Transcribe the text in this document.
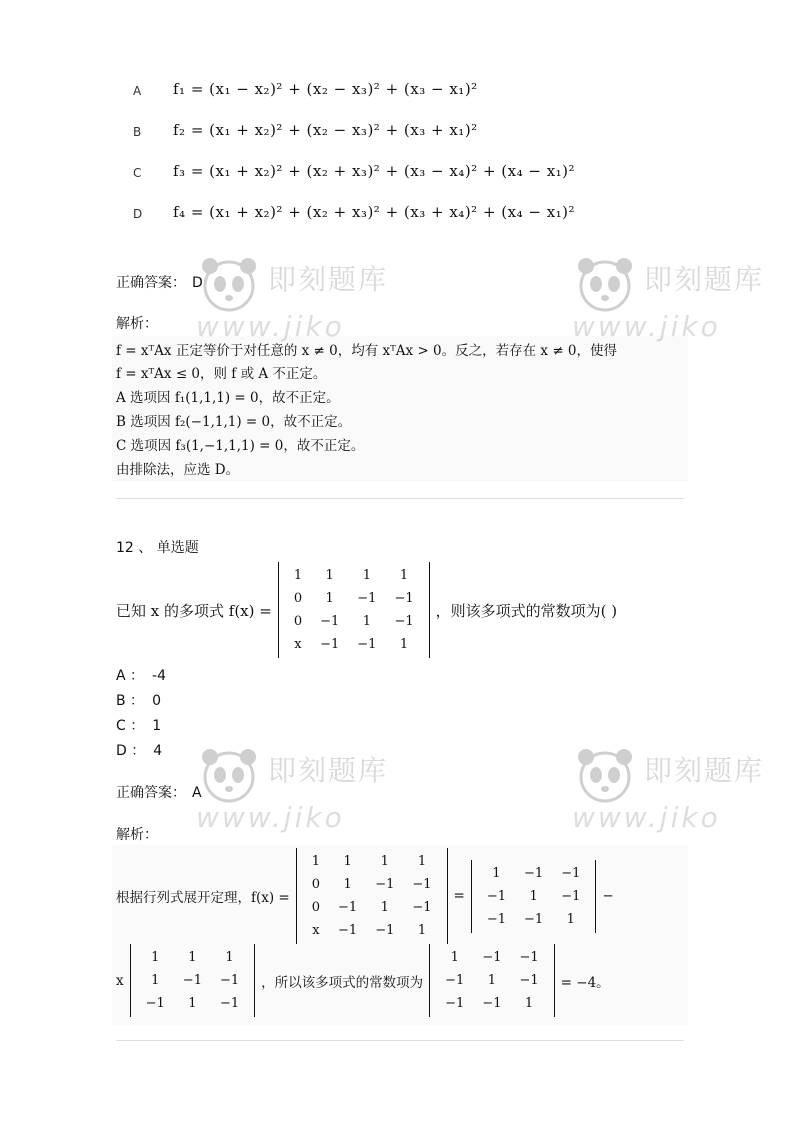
A f₁ = (x₁ − x₂)² + (x₂ − x₃)² + (x₃ − x₁)²
B f₂ = (x₁ + x₂)² + (x₂ − x₃)² + (x₃ + x₁)²
C f₃ = (x₁ + x₂)² + (x₂ + x₃)² + (x₃ − x₄)² + (x₄ − x₁)²
D f₄ = (x₁ + x₂)² + (x₂ + x₃)² + (x₃ + x₄)² + (x₄ − x₁)²
正确答案： D
解析：
f = xᵀAx 正定等价于对任意的 x ≠ 0，均有 xᵀAx > 0。反之，若存在 x ≠ 0，使得
f = xᵀAx ≤ 0，则 f 或 A 不正定。
A 选项因 f₁(1,1,1) = 0，故不正定。
B 选项因 f₂(−1,1,1) = 0，故不正定。
C 选项因 f₃(1,−1,1,1) = 0，故不正定。
由排除法，应选 D。
12 、 单选题
已知 x 的多项式 f(x) =
1	1	1	1
0	1	−1	−1
0	−1	1	−1
x	−1	−1	1
，则该多项式的常数项为( )
A ： -4
B ： 0
C ： 1
D ： 4
正确答案： A
解析：
根据行列式展开定理，f(x) =
1	1	1	1
0	1	−1	−1
0	−1	1	−1
x	−1	−1	1
=
1	−1	−1
−1	1	−1
−1	−1	1
−
x
1	1	1
1	−1	−1
−1	1	−1
，所以该多项式的常数项为
1	−1	−1
−1	1	−1
−1	−1	1
= −4。
即刻题库
www.jiko
即刻题库
www.jiko
即刻题库
www.jiko
即刻题库
www.jiko
